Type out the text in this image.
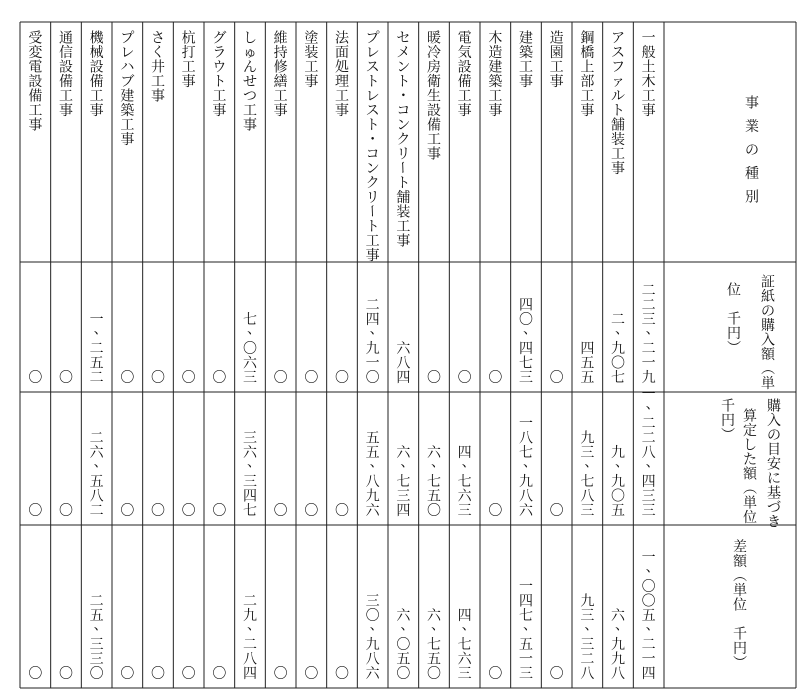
事
業
の
種
別
証
紙
の
購
入
額
（
単
位

千
円
）
購
入
の
目
安
に
基
づ
き
算
定
し
た
額
（
単
位
千
円
）
差
額
（
単
位

千
円
）
一
般
土
木
工
事
二
二
三
、
二
一
九
一
、
二
二
八
、
四
三
三
一
、
〇
〇
五
、
二
一
四
ア
ス
フ
ァ
ル
ト
舗
装
工
事
二
、
九
〇
七
九
、
九
〇
五
六
、
九
九
八
鋼
橋
上
部
工
事
四
五
五
九
三
、
七
八
三
九
三
、
三
二
八
造
園
工
事
〇
〇
〇
建
築
工
事
四
〇
、
四
七
三
一
八
七
、
九
八
六
一
四
七
、
五
一
三
木
造
建
築
工
事
〇
〇
〇
電
気
設
備
工
事
〇
四
、
七
六
三
四
、
七
六
三
暖
冷
房
衛
生
設
備
工
事
〇
六
、
七
五
〇
六
、
七
五
〇
セ
メ
ン
ト
・
コ
ン
ク
リ
ー
ト
舗
装
工
事
六
八
四
六
、
七
三
四
六
、
〇
五
〇
プ
レ
ス
ト
レ
ス
ト
・
コ
ン
ク
リ
ー
ト
工
事
二
四
、
九
一
〇
五
五
、
八
九
六
三
〇
、
九
八
六
法
面
処
理
工
事
〇
〇
〇
塗
装
工
事
〇
〇
〇
維
持
修
繕
工
事
〇
〇
〇
し
ゅ
ん
せ
つ
工
事
七
、
〇
六
三
三
六
、
三
四
七
二
九
、
二
八
四
グ
ラ
ウ
ト
工
事
〇
〇
〇
杭
打
工
事
〇
〇
〇
さ
く
井
工
事
〇
〇
〇
プ
レ
ハ
ブ
建
築
工
事
〇
〇
〇
機
械
設
備
工
事
一
、
二
五
二
二
六
、
五
八
二
二
五
、
三
三
〇
通
信
設
備
工
事
〇
〇
〇
受
変
電
設
備
工
事
〇
〇
〇
